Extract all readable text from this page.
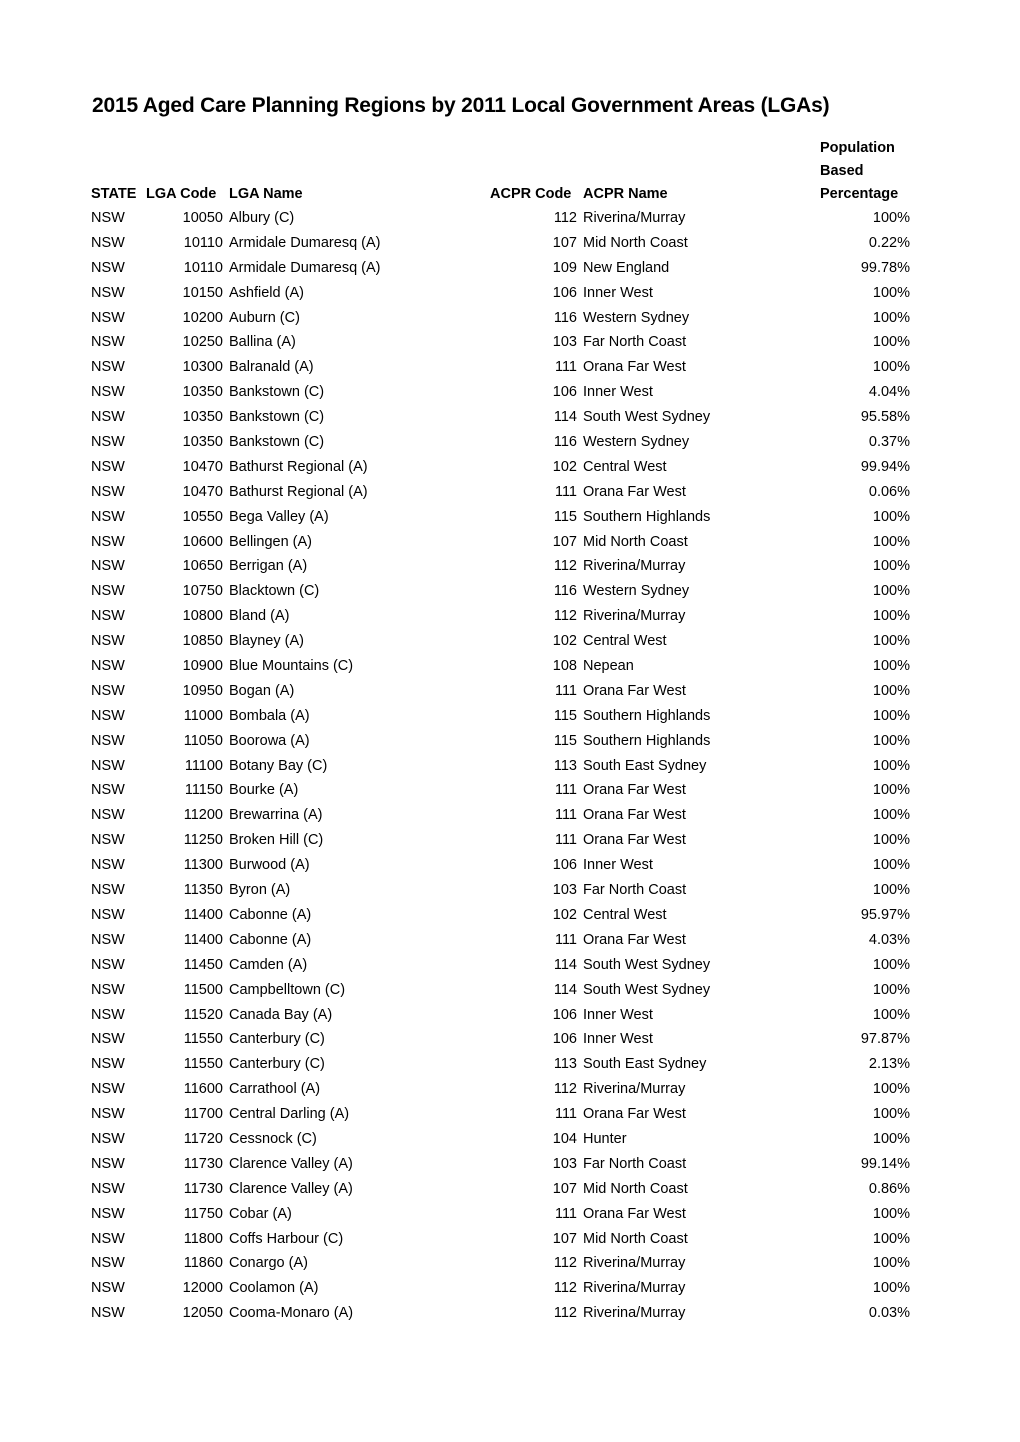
2015 Aged Care Planning Regions by 2011 Local Government Areas (LGAs)
STATE LGA Code LGA Name	ACPR Code ACPR Name
Population
Based
Percentage
NSW	10050 Albury (C)	112 Riverina/Murray	100%
NSW	10110 Armidale Dumaresq (A)	107 Mid North Coast	0.22%
NSW	10110 Armidale Dumaresq (A)	109 New England	99.78%
NSW	10150 Ashfield (A)	106 Inner West	100%
NSW	10200 Auburn (C)	116 Western Sydney	100%
NSW	10250 Ballina (A)	103 Far North Coast	100%
NSW	10300 Balranald (A)	111 Orana Far West	100%
NSW	10350 Bankstown (C)	106 Inner West	4.04%
NSW	10350 Bankstown (C)	114 South West Sydney	95.58%
NSW	10350 Bankstown (C)	116 Western Sydney	0.37%
NSW	10470 Bathurst Regional (A)	102 Central West	99.94%
NSW	10470 Bathurst Regional (A)	111 Orana Far West	0.06%
NSW	10550 Bega Valley (A)	115 Southern Highlands	100%
NSW	10600 Bellingen (A)	107 Mid North Coast	100%
NSW	10650 Berrigan (A)	112 Riverina/Murray	100%
NSW	10750 Blacktown (C)	116 Western Sydney	100%
NSW	10800 Bland (A)	112 Riverina/Murray	100%
NSW	10850 Blayney (A)	102 Central West	100%
NSW	10900 Blue Mountains (C)	108 Nepean	100%
NSW	10950 Bogan (A)	111 Orana Far West	100%
NSW	11000 Bombala (A)	115 Southern Highlands	100%
NSW	11050 Boorowa (A)	115 Southern Highlands	100%
NSW	11100 Botany Bay (C)	113 South East Sydney	100%
NSW	11150 Bourke (A)	111 Orana Far West	100%
NSW	11200 Brewarrina (A)	111 Orana Far West	100%
NSW	11250 Broken Hill (C)	111 Orana Far West	100%
NSW	11300 Burwood (A)	106 Inner West	100%
NSW	11350 Byron (A)	103 Far North Coast	100%
NSW	11400 Cabonne (A)	102 Central West	95.97%
NSW	11400 Cabonne (A)	111 Orana Far West	4.03%
NSW	11450 Camden (A)	114 South West Sydney	100%
NSW	11500 Campbelltown (C)	114 South West Sydney	100%
NSW	11520 Canada Bay (A)	106 Inner West	100%
NSW	11550 Canterbury (C)	106 Inner West	97.87%
NSW	11550 Canterbury (C)	113 South East Sydney	2.13%
NSW	11600 Carrathool (A)	112 Riverina/Murray	100%
NSW	11700 Central Darling (A)	111 Orana Far West	100%
NSW	11720 Cessnock (C)	104 Hunter	100%
NSW	11730 Clarence Valley (A)	103 Far North Coast	99.14%
NSW	11730 Clarence Valley (A)	107 Mid North Coast	0.86%
NSW	11750 Cobar (A)	111 Orana Far West	100%
NSW	11800 Coffs Harbour (C)	107 Mid North Coast	100%
NSW	11860 Conargo (A)	112 Riverina/Murray	100%
NSW	12000 Coolamon (A)	112 Riverina/Murray	100%
NSW	12050 Cooma-Monaro (A)	112 Riverina/Murray	0.03%
